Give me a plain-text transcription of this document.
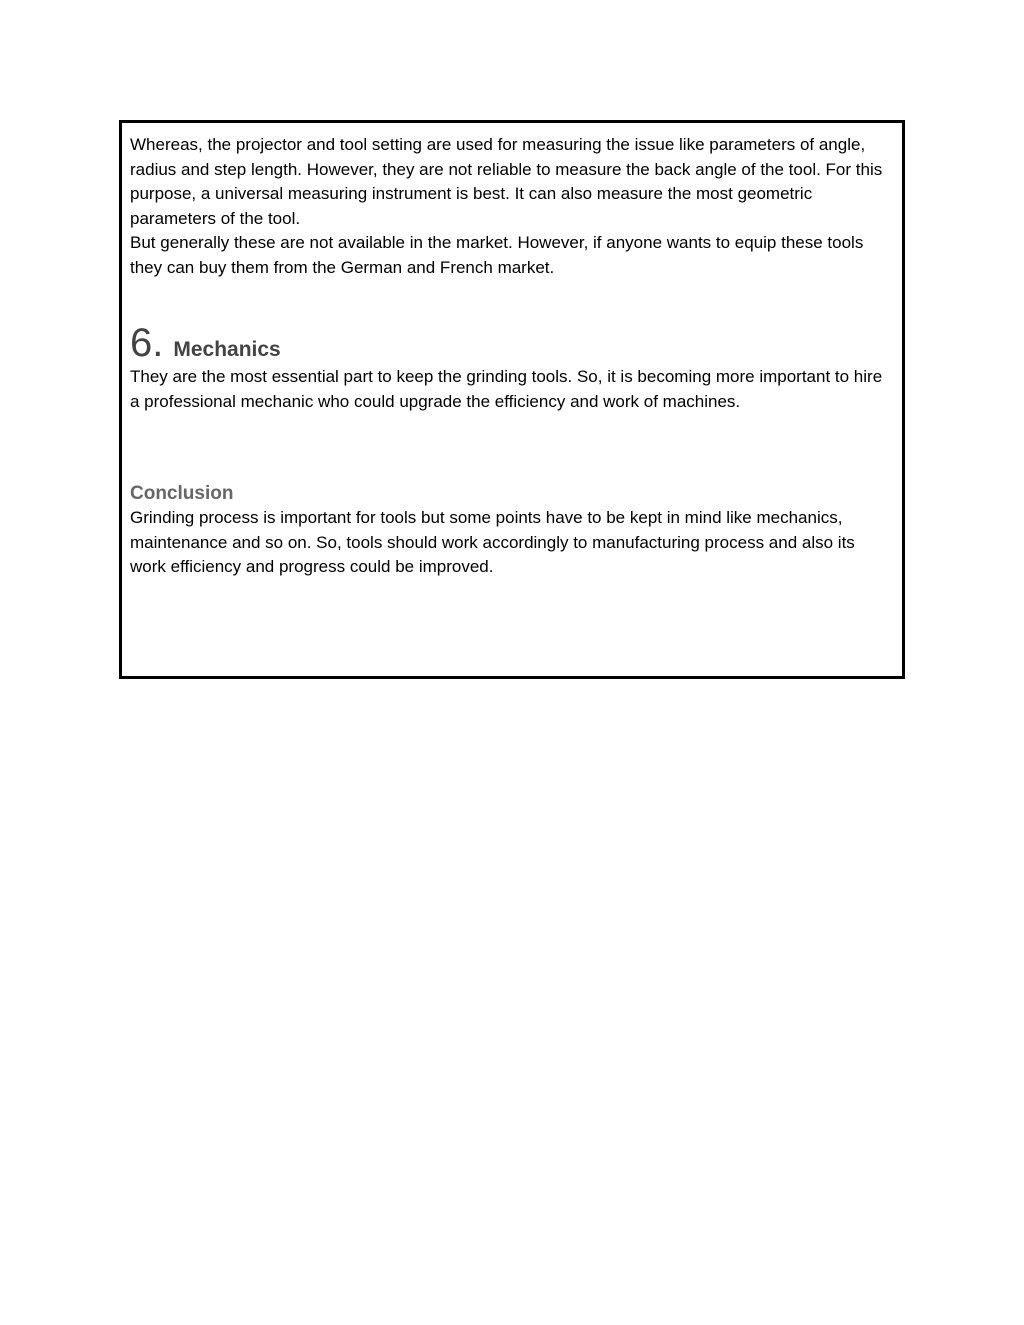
Whereas, the projector and tool setting are used for measuring the issue like parameters of angle, radius and step length. However, they are not reliable to measure the back angle of the tool. For this purpose, a universal measuring instrument is best. It can also measure the most geometric parameters of the tool.

But generally these are not available in the market. However, if anyone wants to equip these tools they can buy them from the German and French market.

6. Mechanics

They are the most essential part to keep the grinding tools. So, it is becoming more important to hire a professional mechanic who could upgrade the efficiency and work of machines.

Conclusion

Grinding process is important for tools but some points have to be kept in mind like mechanics, maintenance and so on. So, tools should work accordingly to manufacturing process and also its work efficiency and progress could be improved.
